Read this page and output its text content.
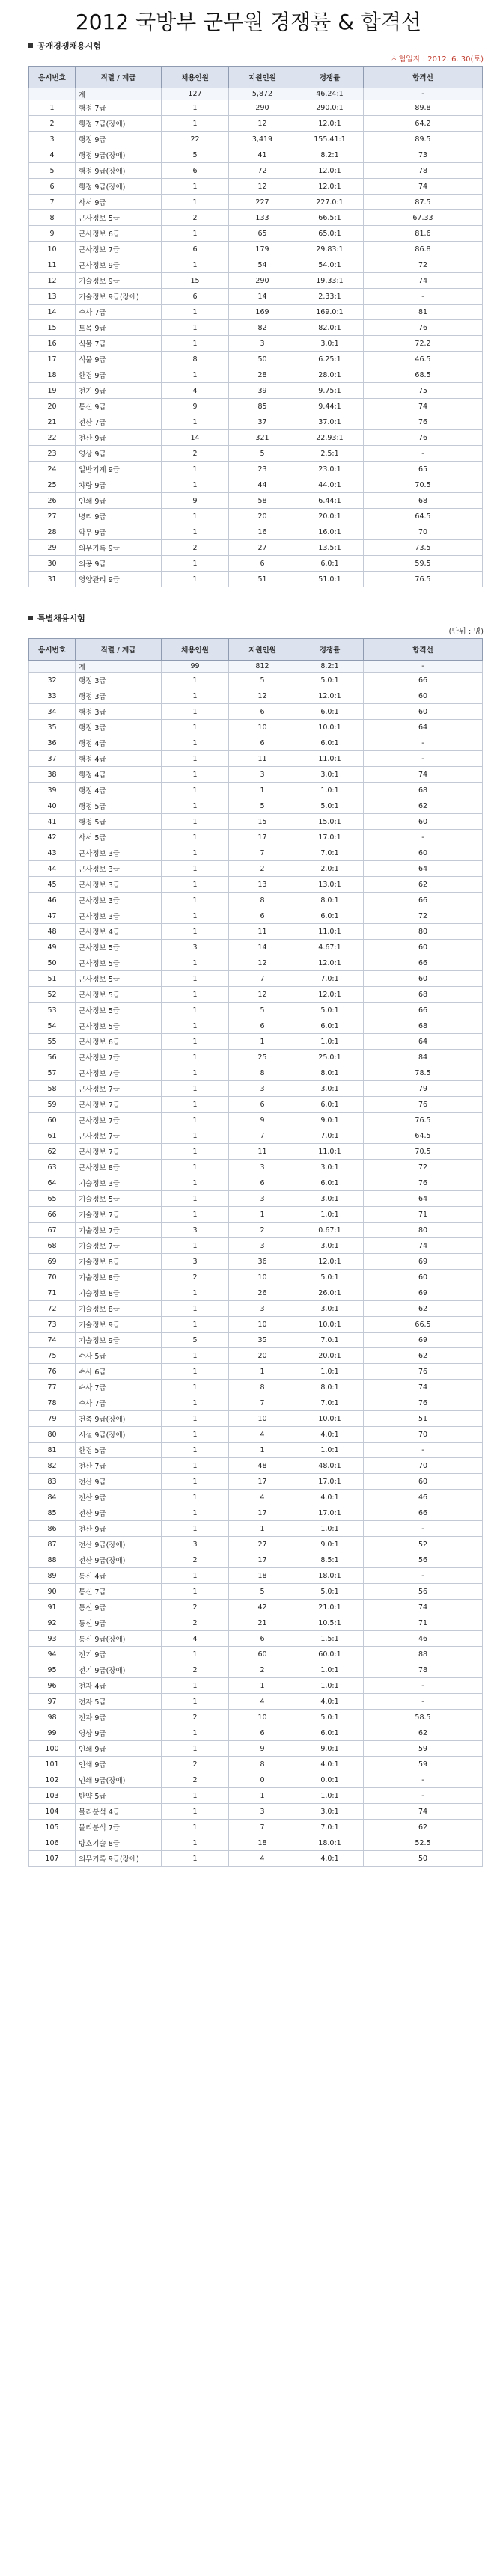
2012 국방부 군무원 경쟁률 & 합격선
공개경쟁채용시험
시험일자 : 2012. 6. 30(토)
응시번호	직렬 / 계급	채용인원	지원인원	경쟁률	합격선
	계	127	5,872	46.24:1	-
1	행정 7급	1	290	290.0:1	89.8
2	행정 7급(장애)	1	12	12.0:1	64.2
3	행정 9급	22	3,419	155.41:1	89.5
4	행정 9급(장애)	5	41	8.2:1	73
5	행정 9급(장애)	6	72	12.0:1	78
6	행정 9급(장애)	1	12	12.0:1	74
7	사서 9급	1	227	227.0:1	87.5
8	군사정보 5급	2	133	66.5:1	67.33
9	군사정보 6급	1	65	65.0:1	81.6
10	군사정보 7급	6	179	29.83:1	86.8
11	군사정보 9급	1	54	54.0:1	72
12	기술정보 9급	15	290	19.33:1	74
13	기술정보 9급(장애)	6	14	2.33:1	-
14	수사 7급	1	169	169.0:1	81
15	토목 9급	1	82	82.0:1	76
16	식물 7급	1	3	3.0:1	72.2
17	식물 9급	8	50	6.25:1	46.5
18	환경 9급	1	28	28.0:1	68.5
19	전기 9급	4	39	9.75:1	75
20	통신 9급	9	85	9.44:1	74
21	전산 7급	1	37	37.0:1	76
22	전산 9급	14	321	22.93:1	76
23	영상 9급	2	5	2.5:1	-
24	일반기계 9급	1	23	23.0:1	65
25	차량 9급	1	44	44.0:1	70.5
26	인쇄 9급	9	58	6.44:1	68
27	병리 9급	1	20	20.0:1	64.5
28	약무 9급	1	16	16.0:1	70
29	의무기록 9급	2	27	13.5:1	73.5
30	의공 9급	1	6	6.0:1	59.5
31	영양관리 9급	1	51	51.0:1	76.5
특별채용시험
(단위 : 명)
응시번호	직렬 / 계급	채용인원	지원인원	경쟁률	합격선
	계	99	812	8.2:1	-
32	행정 3급	1	5	5.0:1	66
33	행정 3급	1	12	12.0:1	60
34	행정 3급	1	6	6.0:1	60
35	행정 3급	1	10	10.0:1	64
36	행정 4급	1	6	6.0:1	-
37	행정 4급	1	11	11.0:1	-
38	행정 4급	1	3	3.0:1	74
39	행정 4급	1	1	1.0:1	68
40	행정 5급	1	5	5.0:1	62
41	행정 5급	1	15	15.0:1	60
42	사서 5급	1	17	17.0:1	-
43	군사정보 3급	1	7	7.0:1	60
44	군사정보 3급	1	2	2.0:1	64
45	군사정보 3급	1	13	13.0:1	62
46	군사정보 3급	1	8	8.0:1	66
47	군사정보 3급	1	6	6.0:1	72
48	군사정보 4급	1	11	11.0:1	80
49	군사정보 5급	3	14	4.67:1	60
50	군사정보 5급	1	12	12.0:1	66
51	군사정보 5급	1	7	7.0:1	60
52	군사정보 5급	1	12	12.0:1	68
53	군사정보 5급	1	5	5.0:1	66
54	군사정보 5급	1	6	6.0:1	68
55	군사정보 6급	1	1	1.0:1	64
56	군사정보 7급	1	25	25.0:1	84
57	군사정보 7급	1	8	8.0:1	78.5
58	군사정보 7급	1	3	3.0:1	79
59	군사정보 7급	1	6	6.0:1	76
60	군사정보 7급	1	9	9.0:1	76.5
61	군사정보 7급	1	7	7.0:1	64.5
62	군사정보 7급	1	11	11.0:1	70.5
63	군사정보 8급	1	3	3.0:1	72
64	기술정보 3급	1	6	6.0:1	76
65	기술정보 5급	1	3	3.0:1	64
66	기술정보 7급	1	1	1.0:1	71
67	기술정보 7급	3	2	0.67:1	80
68	기술정보 7급	1	3	3.0:1	74
69	기술정보 8급	3	36	12.0:1	69
70	기술정보 8급	2	10	5.0:1	60
71	기술정보 8급	1	26	26.0:1	69
72	기술정보 8급	1	3	3.0:1	62
73	기술정보 9급	1	10	10.0:1	66.5
74	기술정보 9급	5	35	7.0:1	69
75	수사 5급	1	20	20.0:1	62
76	수사 6급	1	1	1.0:1	76
77	수사 7급	1	8	8.0:1	74
78	수사 7급	1	7	7.0:1	76
79	건축 9급(장애)	1	10	10.0:1	51
80	시설 9급(장애)	1	4	4.0:1	70
81	환경 5급	1	1	1.0:1	-
82	전산 7급	1	48	48.0:1	70
83	전산 9급	1	17	17.0:1	60
84	전산 9급	1	4	4.0:1	46
85	전산 9급	1	17	17.0:1	66
86	전산 9급	1	1	1.0:1	-
87	전산 9급(장애)	3	27	9.0:1	52
88	전산 9급(장애)	2	17	8.5:1	56
89	통신 4급	1	18	18.0:1	-
90	통신 7급	1	5	5.0:1	56
91	통신 9급	2	42	21.0:1	74
92	통신 9급	2	21	10.5:1	71
93	통신 9급(장애)	4	6	1.5:1	46
94	전기 9급	1	60	60.0:1	88
95	전기 9급(장애)	2	2	1.0:1	78
96	전자 4급	1	1	1.0:1	-
97	전자 5급	1	4	4.0:1	-
98	전자 9급	2	10	5.0:1	58.5
99	영상 9급	1	6	6.0:1	62
100	인쇄 9급	1	9	9.0:1	59
101	인쇄 9급	2	8	4.0:1	59
102	인쇄 9급(장애)	2	0	0.0:1	-
103	탄약 5급	1	1	1.0:1	-
104	물리분석 4급	1	3	3.0:1	74
105	물리분석 7급	1	7	7.0:1	62
106	방호기술 8급	1	18	18.0:1	52.5
107	의무기록 9급(장애)	1	4	4.0:1	50
